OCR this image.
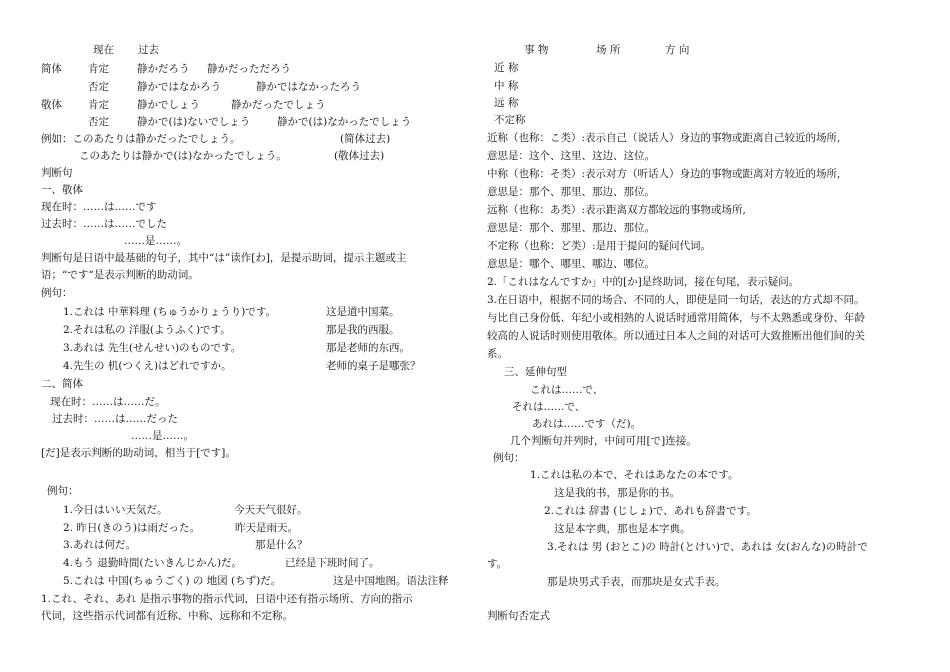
现在 过去
简体 肯定	静かだろう 静かだっただろう
否定	静かではなかろう	静かではなかったろう
敬体 肯定	静かでしょう	静かだったでしょう
否定	静かで(は)ないでしょう	静かで(は)なかったでしょう
例如：このあたりは静かだったでしょう。	(简体过去)
このあたりは静かで(は)なかったでしょう。	(敬体过去)
判断句
一、敬体
现在时：……は……です
过去时：……は……でした
……是……。
判断句是日语中最基础的句子，其中“は”读作[わ]，是提示助词，提示主题或主
语；“です“是表示判断的助动词。
例句：
1.これは 中華料理 (ちゅうかりょうり)です。	这是道中国菜。
2.それは私の 洋服(ようふく)です。	那是我的西服。
3.あれは 先生(せんせい)のものです。	那是老师的东西。
4.先生の 机(つくえ)はどれですか。	老师的桌子是哪张？
二、简体
现在时：……は……だ。
过去时：……は……だった
……是……。
[だ]是表示判断的助动词，相当于[です]。
例句：
1.今日はいい天気だ。	今天天气很好。
2. 昨日(きのう)は雨だった。	昨天是雨天。
3.あれは何だ。	那是什么？
4.もう 退勤時間(たいきんじかん)だ。	已经是下班时间了。
5.これは 中国(ちゅうごく) の 地図 (ちず)だ。	这是中国地图。语法注释
1.これ、それ、あれ 是指示事物的指示代词，日语中还有指示场所、方向的指示
代词，这些指示代词都有近称、中称、远称和不定称。
事 物	场 所	方 向
近 称
中 称
远 称
不定称
近称（也称：こ类）:表示自己（说话人）身边的事物或距离自己较近的场所,
意思是：这个、这里、这边、这位。
中称（也称：そ类）:表示对方（听话人）身边的事物或距离对方较近的场所,
意思是：那个、那里、那边、那位。
远称（也称：あ类）:表示距离双方都较远的事物或场所,
意思是：那个、那里、那边、那位。
不定称（也称：ど类）:是用于提问的疑问代词。
意思是：哪个、哪里、哪边、哪位。
2.「これはなんですか」中的[か]是终助词，接在句尾，表示疑问。
3.在日语中，根据不同的场合、不同的人，即使是同一句话，表达的方式却不同。
与比自己身份低、年纪小或相熟的人说话时通常用简体，与不太熟悉或身份、年龄
较高的人说话时则使用敬体。所以通过日本人之间的对话可大致推断出他们间的关
系。
三、延伸句型
これは……で、
それは……で、
あれは……です（だ)。
几个判断句并列时，中间可用[で]连接。
例句：
1.これは私の本で、それはあなたの本です。
这是我的书，那是你的书。
2.これは 辞書 (じしょ)で、あれも辞書です。
这是本字典，那也是本字典。
3.それは 男 (おとこ)の 時計(とけい)で、あれは 女(おんな)の時計で
す。
那是块男式手表，而那块是女式手表。
判断句否定式
